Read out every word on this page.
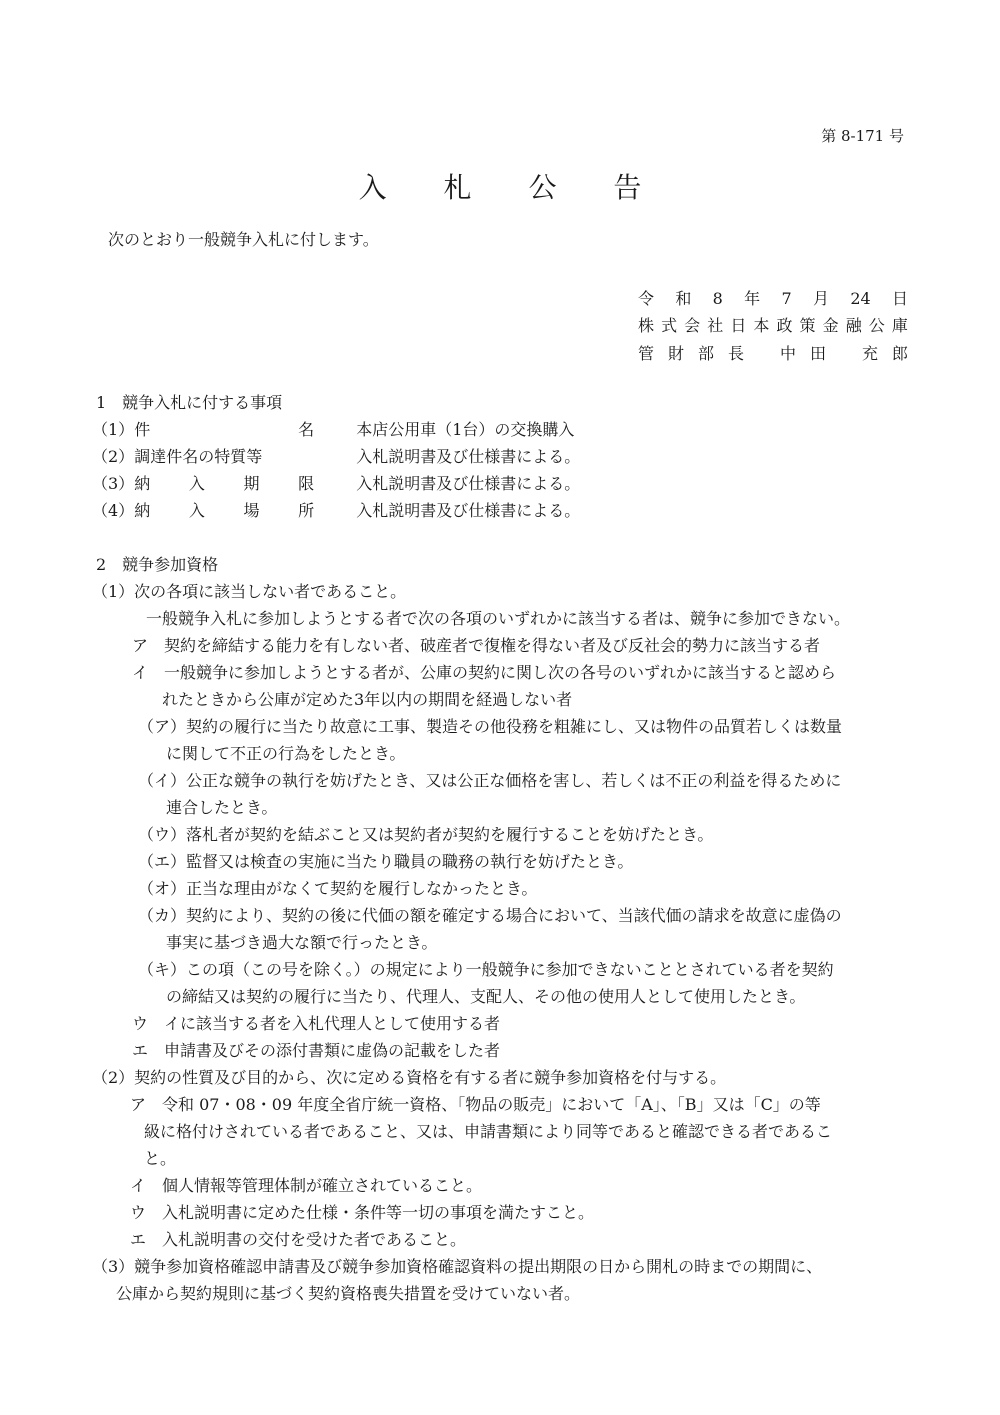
第 8-171 号
入 札 公 告
次のとおり一般競争入札に付します。
令 和 8 年 7 月 24 日
株 式 会 社 日 本 政 策 金 融 公 庫
管 財 部 長 中 田 充 郎
1　競争入札に付する事項
（1） 件	名	本店公用車（1台）の交換購入
（2） 調達件名の特質等	入札説明書及び仕様書による。
（3） 納 入 期 限	入札説明書及び仕様書による。
（4） 納 入 場 所	入札説明書及び仕様書による。
2　競争参加資格
（1）次の各項に該当しない者であること。
一般競争入札に参加しようとする者で次の各項のいずれかに該当する者は、競争に参加できない。
ア　契約を締結する能力を有しない者、破産者で復権を得ない者及び反社会的勢力に該当する者
イ　一般競争に参加しようとする者が、公庫の契約に関し次の各号のいずれかに該当すると認めら
れたときから公庫が定めた3年以内の期間を経過しない者
（ア）契約の履行に当たり故意に工事、製造その他役務を粗雑にし、又は物件の品質若しくは数量
に関して不正の行為をしたとき。
（イ）公正な競争の執行を妨げたとき、又は公正な価格を害し、若しくは不正の利益を得るために
連合したとき。
（ウ）落札者が契約を結ぶこと又は契約者が契約を履行することを妨げたとき。
（エ）監督又は検査の実施に当たり職員の職務の執行を妨げたとき。
（オ）正当な理由がなくて契約を履行しなかったとき。
（カ）契約により、契約の後に代価の額を確定する場合において、当該代価の請求を故意に虚偽の
事実に基づき過大な額で行ったとき。
（キ）この項（この号を除く。）の規定により一般競争に参加できないこととされている者を契約
の締結又は契約の履行に当たり、代理人、支配人、その他の使用人として使用したとき。
ウ　イに該当する者を入札代理人として使用する者
エ　申請書及びその添付書類に虚偽の記載をした者
（2）契約の性質及び目的から、次に定める資格を有する者に競争参加資格を付与する。
ア　令和 07・08・09 年度全省庁統一資格、「物品の販売」において「A」、「B」又は「C」の等
級に格付けされている者であること、又は、申請書類により同等であると確認できる者であるこ
と。
イ　個人情報等管理体制が確立されていること。
ウ　入札説明書に定めた仕様・条件等一切の事項を満たすこと。
エ　入札説明書の交付を受けた者であること。
（3）競争参加資格確認申請書及び競争参加資格確認資料の提出期限の日から開札の時までの期間に、
公庫から契約規則に基づく契約資格喪失措置を受けていない者。
